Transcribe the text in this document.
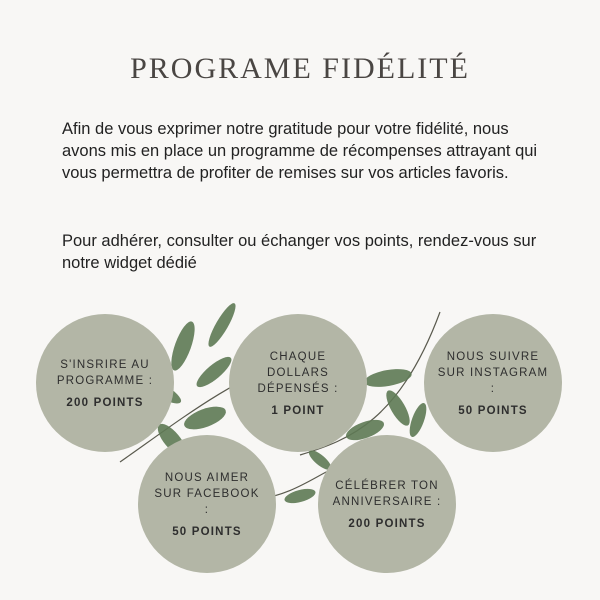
PROGRAME FIDÉLITÉ

Afin de vous exprimer notre gratitude pour votre fidélité, nous avons mis en place un programme de récompenses attrayant qui vous permettra de profiter de remises sur vos articles favoris.

Pour adhérer, consulter ou échanger vos points, rendez-vous sur notre widget dédié

S'INSRIRE AU PROGRAMME :
200 POINTS
CHAQUE DOLLARS DÉPENSÉS :
1 POINT
NOUS SUIVRE SUR INSTAGRAM :
50 POINTS
NOUS AIMER SUR FACEBOOK :
50 POINTS
CÉLÉBRER TON ANNIVERSAIRE :
200 POINTS
